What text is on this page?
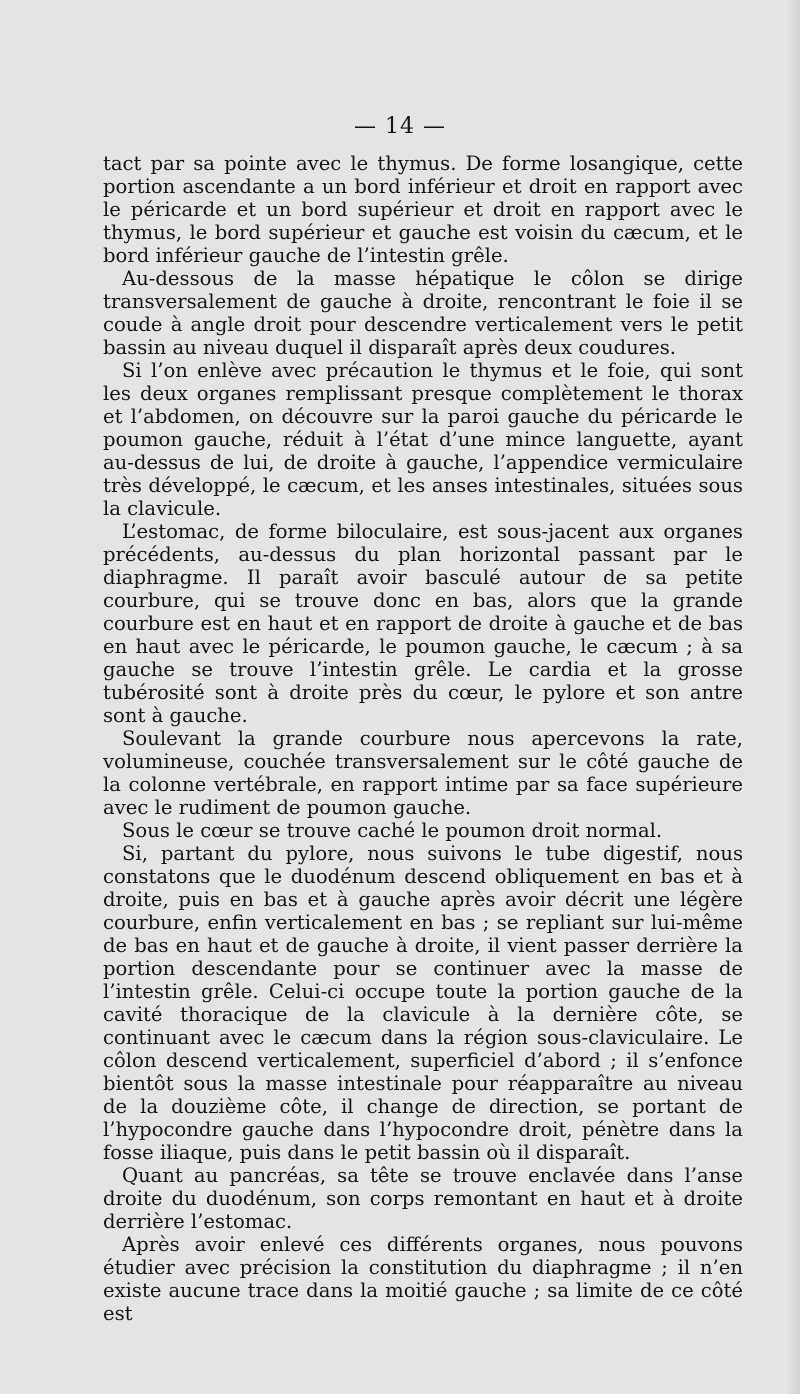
— 14 —

tact par sa pointe avec le thymus. De forme losangique, cette portion ascendante a un bord inférieur et droit en rapport avec le péricarde et un bord supérieur et droit en rapport avec le thymus, le bord supérieur et gauche est voisin du cæcum, et le bord inférieur gauche de l’intestin grêle.

Au-dessous de la masse hépatique le côlon se dirige transversalement de gauche à droite, rencontrant le foie il se coude à angle droit pour descendre verticalement vers le petit bassin au niveau duquel il disparaît après deux coudures.

Si l’on enlève avec précaution le thymus et le foie, qui sont les deux organes remplissant presque complètement le thorax et l’abdomen, on découvre sur la paroi gauche du péricarde le poumon gauche, réduit à l’état d’une mince languette, ayant au-dessus de lui, de droite à gauche, l’appendice vermiculaire très développé, le cæcum, et les anses intestinales, situées sous la clavicule.

L’estomac, de forme biloculaire, est sous-jacent aux organes précédents, au-dessus du plan horizontal passant par le diaphragme. Il paraît avoir basculé autour de sa petite courbure, qui se trouve donc en bas, alors que la grande courbure est en haut et en rapport de droite à gauche et de bas en haut avec le péricarde, le poumon gauche, le cæcum ; à sa gauche se trouve l’intestin grêle. Le cardia et la grosse tubérosité sont à droite près du cœur, le pylore et son antre sont à gauche.

Soulevant la grande courbure nous apercevons la rate, volumineuse, couchée transversalement sur le côté gauche de la colonne vertébrale, en rapport intime par sa face supérieure avec le rudiment de poumon gauche.

Sous le cœur se trouve caché le poumon droit normal.

Si, partant du pylore, nous suivons le tube digestif, nous constatons que le duodénum descend obliquement en bas et à droite, puis en bas et à gauche après avoir décrit une légère courbure, enfin verticalement en bas ; se repliant sur lui-même de bas en haut et de gauche à droite, il vient passer derrière la portion descendante pour se continuer avec la masse de l’intestin grêle. Celui-ci occupe toute la portion gauche de la cavité thoracique de la clavicule à la dernière côte, se continuant avec le cæcum dans la région sous-claviculaire. Le côlon descend verticalement, superficiel d’abord ; il s’enfonce bientôt sous la masse intestinale pour réapparaître au niveau de la douzième côte, il change de direction, se portant de l’hypocondre gauche dans l’hypocondre droit, pénètre dans la fosse iliaque, puis dans le petit bassin où il disparaît.

Quant au pancréas, sa tête se trouve enclavée dans l’anse droite du duodénum, son corps remontant en haut et à droite derrière l’estomac.

Après avoir enlevé ces différents organes, nous pouvons étudier avec précision la constitution du diaphragme ; il n’en existe aucune trace dans la moitié gauche ; sa limite de ce côté est
